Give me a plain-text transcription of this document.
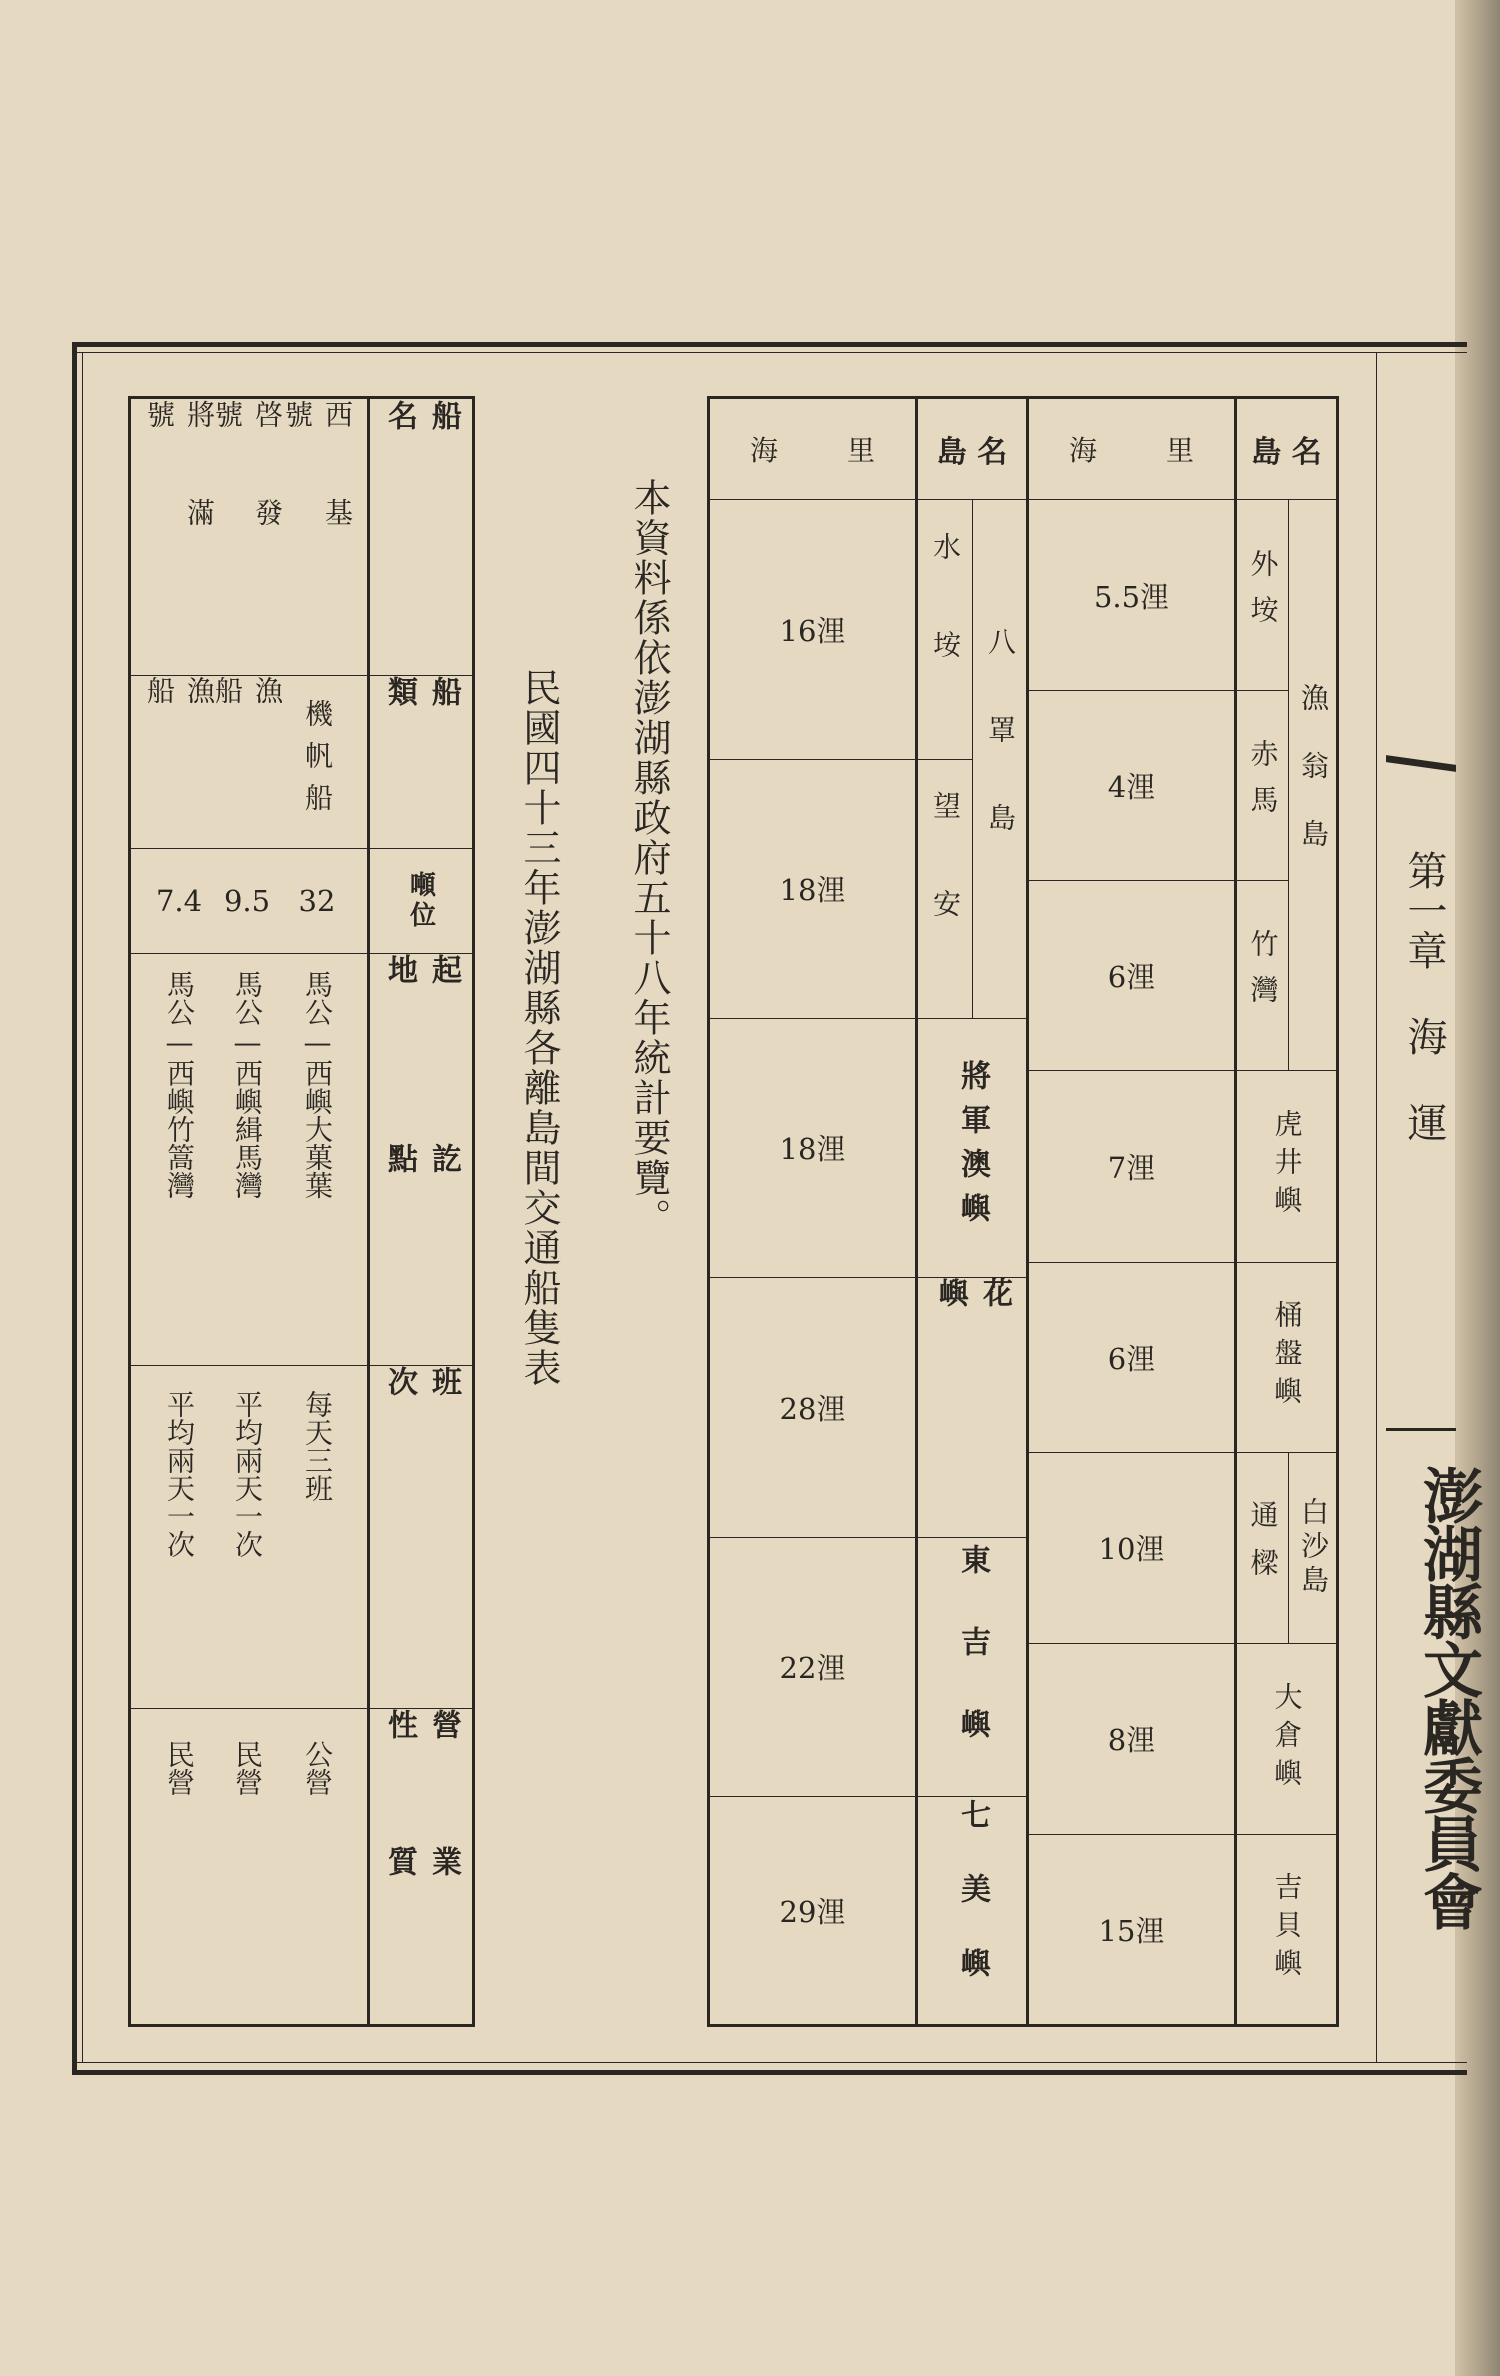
第一章 海 運
澎湖縣文獻委員會
島 名
海 里
島 名
海 里
漁翁島
外垵
赤馬
竹灣
5.5浬
4浬
6浬
虎井嶼
7浬
桶盤嶼
6浬
白沙島
通樑
10浬
大倉嶼
8浬
吉貝嶼
15浬
八罩島
水垵
望安
16浬
18浬
將軍澳嶼
18浬
花嶼
28浬
東吉嶼
22浬
七美嶼
29浬
本資料係依澎湖縣政府五十八年統計要覽。
民國四十三年澎湖縣各離島間交通船隻表
船 名
船 類
噸位
起 訖 地 點
班 次
營 業 性 質
西基號
機帆船
32
馬公—西嶼大菓葉
每天三班
公營
啓發號
漁船
9.5
馬公—西嶼緝馬灣
平均兩天一次
民營
將滿號
漁船
7.4
馬公—西嶼竹篙灣
平均兩天一次
民營
